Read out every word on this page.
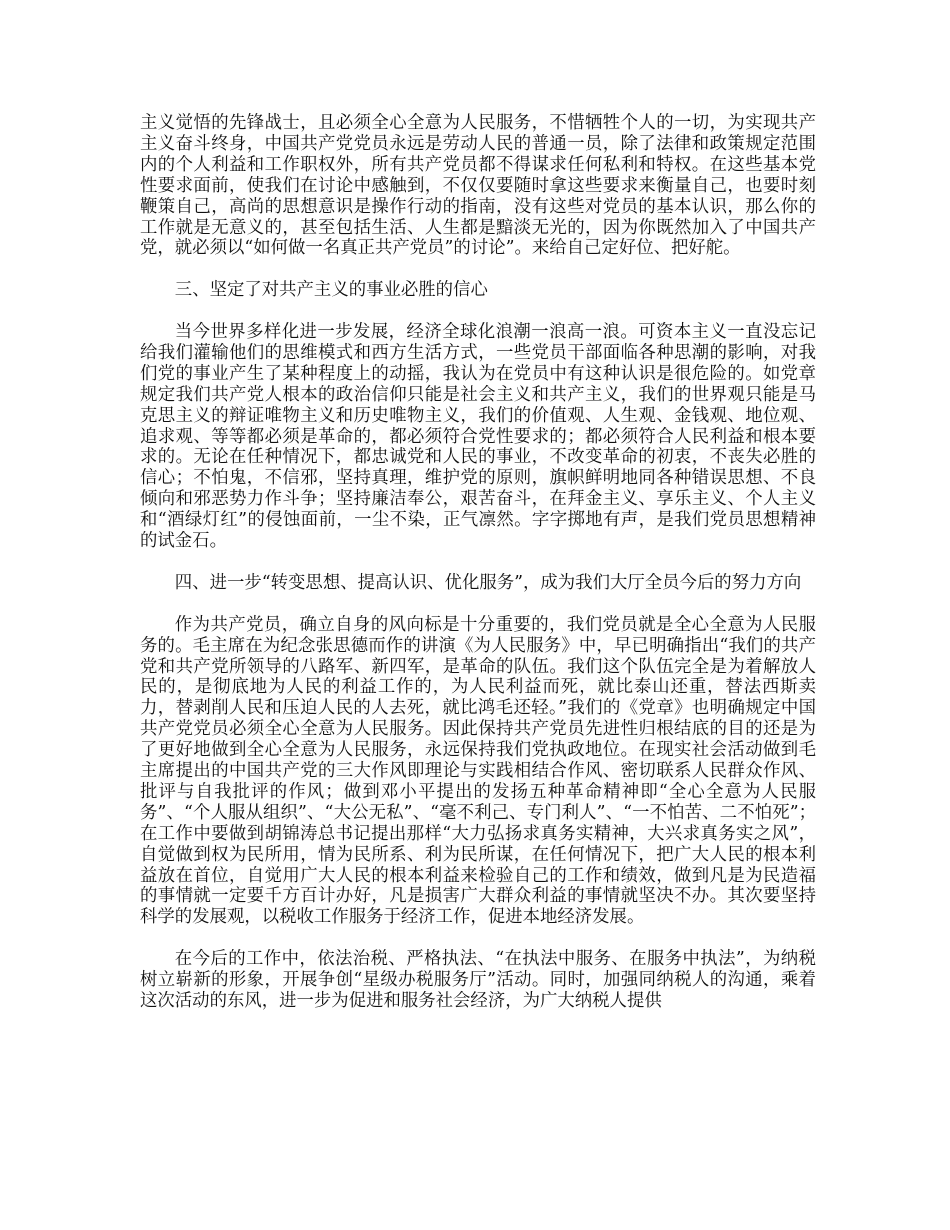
主义觉悟的先锋战士，且必须全心全意为人民服务，不惜牺牲个人的一切，为实现共产主义奋斗终身，中国共产党党员永远是劳动人民的普通一员，除了法律和政策规定范围内的个人利益和工作职权外，所有共产党员都不得谋求任何私利和特权。在这些基本党性要求面前，使我们在讨论中感触到，不仅仅要随时拿这些要求来衡量自己，也要时刻鞭策自己，高尚的思想意识是操作行动的指南，没有这些对党员的基本认识，那么你的工作就是无意义的，甚至包括生活、人生都是黯淡无光的，因为你既然加入了中国共产党，就必须以“如何做一名真正共产党员”的讨论”。来给自己定好位、把好舵。

三、坚定了对共产主义的事业必胜的信心

当今世界多样化进一步发展，经济全球化浪潮一浪高一浪。可资本主义一直没忘记给我们灌输他们的思维模式和西方生活方式，一些党员干部面临各种思潮的影响，对我们党的事业产生了某种程度上的动摇，我认为在党员中有这种认识是很危险的。如党章规定我们共产党人根本的政治信仰只能是社会主义和共产主义，我们的世界观只能是马克思主义的辩证唯物主义和历史唯物主义，我们的价值观、人生观、金钱观、地位观、追求观、等等都必须是革命的，都必须符合党性要求的；都必须符合人民利益和根本要求的。无论在任种情况下，都忠诚党和人民的事业，不改变革命的初衷，不丧失必胜的信心；不怕鬼，不信邪，坚持真理，维护党的原则，旗帜鲜明地同各种错误思想、不良倾向和邪恶势力作斗争；坚持廉洁奉公，艰苦奋斗，在拜金主义、享乐主义、个人主义和“酒绿灯红”的侵蚀面前，一尘不染，正气凛然。字字掷地有声，是我们党员思想精神的试金石。

四、进一步“转变思想、提高认识、优化服务”，成为我们大厅全员今后的努力方向

作为共产党员，确立自身的风向标是十分重要的，我们党员就是全心全意为人民服务的。毛主席在为纪念张思德而作的讲演《为人民服务》中，早已明确指出“我们的共产党和共产党所领导的八路军、新四军，是革命的队伍。我们这个队伍完全是为着解放人民的，是彻底地为人民的利益工作的，为人民利益而死，就比泰山还重，替法西斯卖力，替剥削人民和压迫人民的人去死，就比鸿毛还轻。”我们的《党章》也明确规定中国共产党党员必须全心全意为人民服务。因此保持共产党员先进性归根结底的目的还是为了更好地做到全心全意为人民服务，永远保持我们党执政地位。在现实社会活动做到毛主席提出的中国共产党的三大作风即理论与实践相结合作风、密切联系人民群众作风、批评与自我批评的作风；做到邓小平提出的发扬五种革命精神即“全心全意为人民服务”、“个人服从组织”、“大公无私”、“毫不利己、专门利人”、“一不怕苦、二不怕死”；在工作中要做到胡锦涛总书记提出那样“大力弘扬求真务实精神，大兴求真务实之风”，自觉做到权为民所用，情为民所系、利为民所谋，在任何情况下，把广大人民的根本利益放在首位，自觉用广大人民的根本利益来检验自己的工作和绩效，做到凡是为民造福的事情就一定要千方百计办好，凡是损害广大群众利益的事情就坚决不办。其次要坚持科学的发展观，以税收工作服务于经济工作，促进本地经济发展。

在今后的工作中，依法治税、严格执法、“在执法中服务、在服务中执法”，为纳税树立崭新的形象，开展争创“星级办税服务厅”活动。同时，加强同纳税人的沟通，乘着这次活动的东风，进一步为促进和服务社会经济，为广大纳税人提供
